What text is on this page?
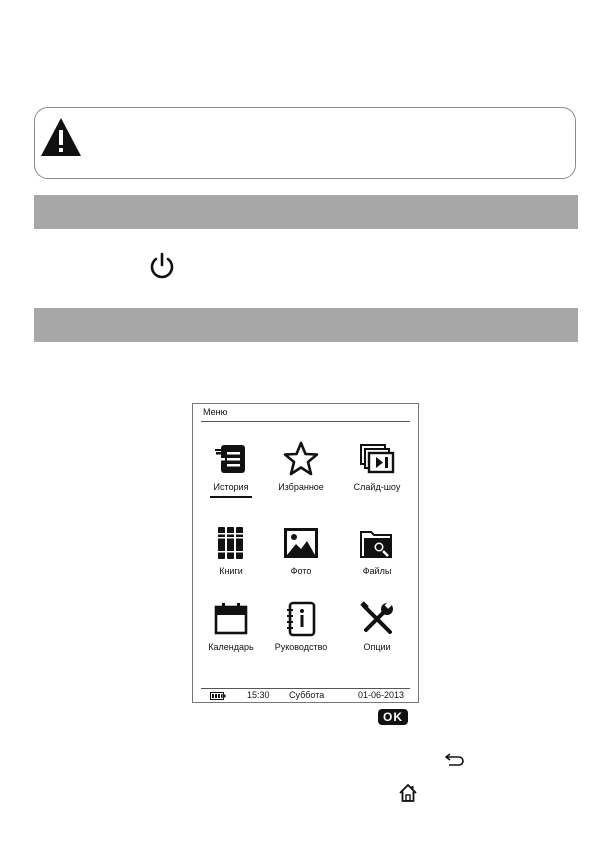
Меню
История	Избранное	Слайд-шоу
Книги	Фото	Файлы
Календарь	Руководство	Опции
15:30 Суббота	01-06-2013
OK
